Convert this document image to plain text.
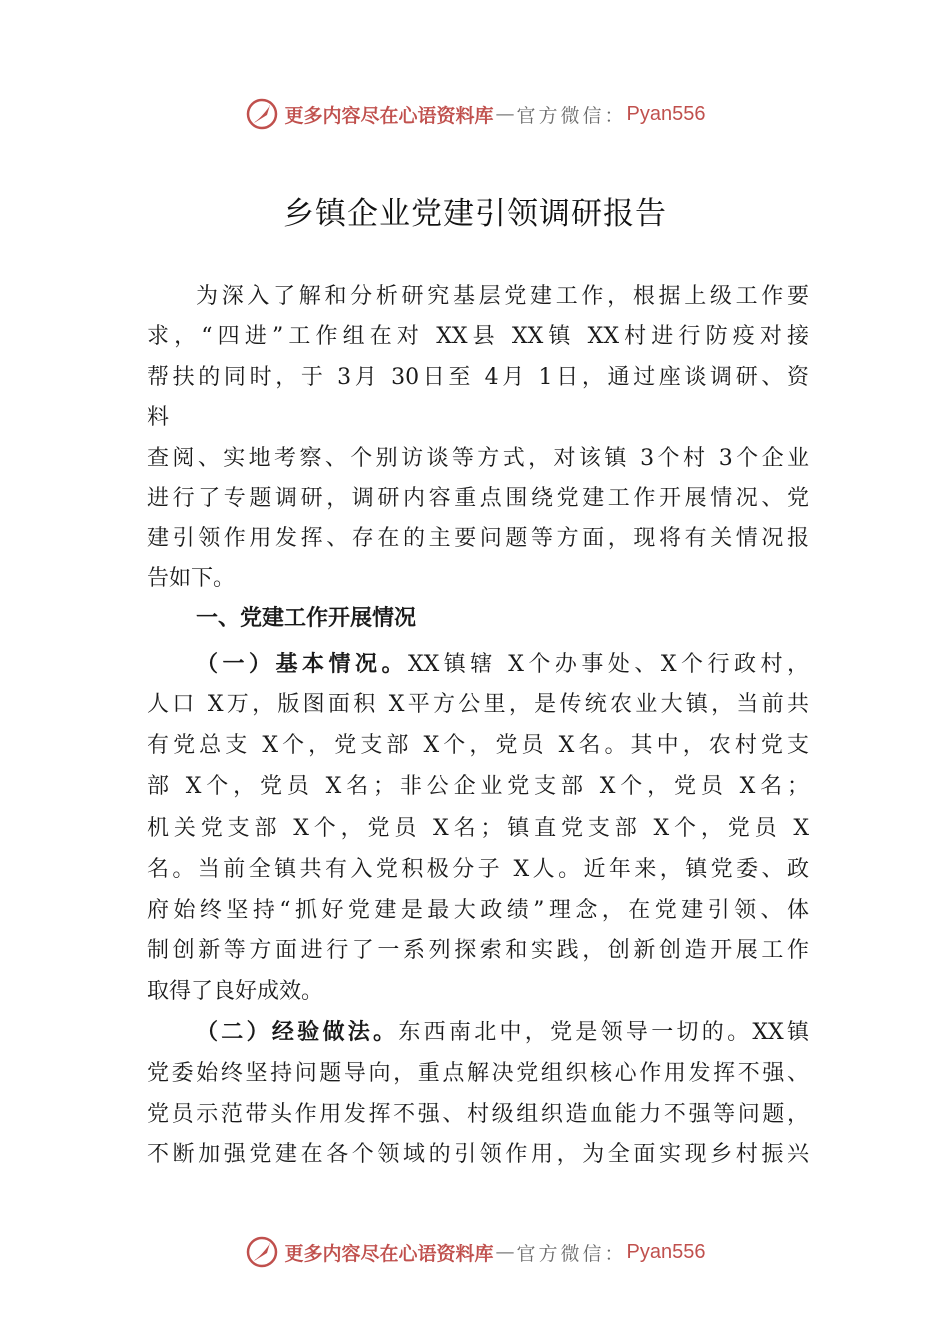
更多内容尽在心语资料库 — 官方微信： Pyan556
乡镇企业党建引领调研报告
为深入了解和分析研究基层党建工作，根据上级工作要
求，“四进”工作组在对 XX县 XX镇 XX村进行防疫对接
帮扶的同时，于 3月 30日至 4月 1日，通过座谈调研、资
料
查阅、实地考察、个别访谈等方式，对该镇 3个村 3个企业
进行了专题调研，调研内容重点围绕党建工作开展情况、党
建引领作用发挥、存在的主要问题等方面，现将有关情况报
告如下。
一、党建工作开展情况
（一）基本情况。XX镇辖 X个办事处、X个行政村，
人口 X万，版图面积 X平方公里，是传统农业大镇，当前共
有党总支 X个，党支部 X个，党员 X名。其中，农村党支
部 X个，党员 X名；非公企业党支部 X个，党员 X名；
机关党支部 X个，党员 X名；镇直党支部 X个，党员 X
名。当前全镇共有入党积极分子 X人。近年来，镇党委、政
府始终坚持“抓好党建是最大政绩”理念，在党建引领、体
制创新等方面进行了一系列探索和实践，创新创造开展工作
取得了良好成效。
（二）经验做法。东西南北中，党是领导一切的。XX镇
党委始终坚持问题导向，重点解决党组织核心作用发挥不强、
党员示范带头作用发挥不强、村级组织造血能力不强等问题，
不断加强党建在各个领域的引领作用，为全面实现乡村振兴
更多内容尽在心语资料库 — 官方微信： Pyan556
